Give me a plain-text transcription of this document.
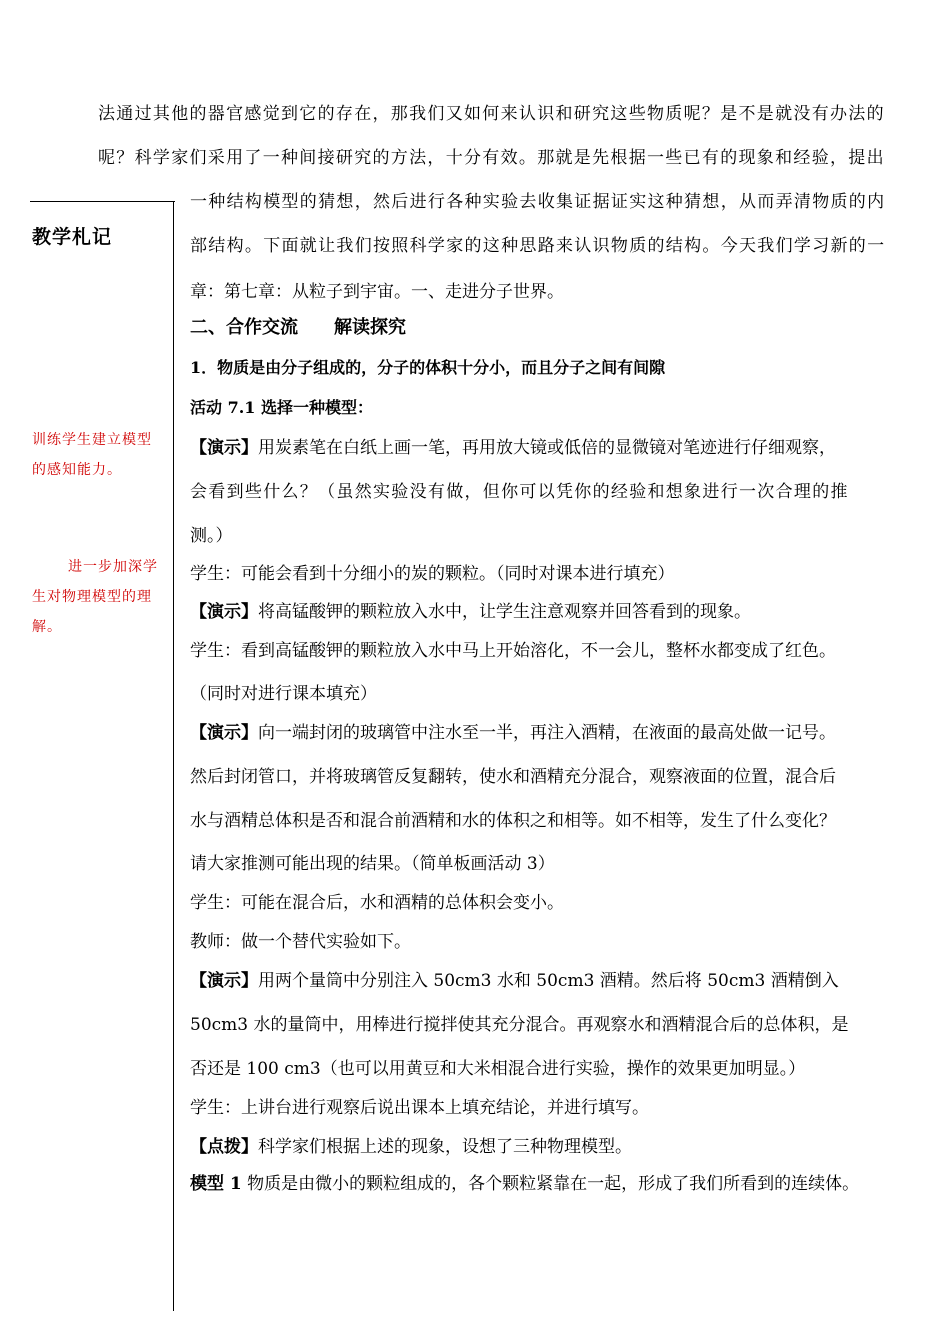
教学札记
训练学生建立模型
的感知能力。
进一步加深学
生对物理模型的理
解。
法通过其他的器官感觉到它的存在，那我们又如何来认识和研究这些物质呢？是不是就没有办法的
呢？科学家们采用了一种间接研究的方法，十分有效。那就是先根据一些已有的现象和经验，提出
一种结构模型的猜想，然后进行各种实验去收集证据证实这种猜想，从而弄清物质的内
部结构。下面就让我们按照科学家的这种思路来认识物质的结构。今天我们学习新的一
章：第七章：从粒子到宇宙。一、走进分子世界。
二、合作交流　　解读探究
1．物质是由分子组成的，分子的体积十分小，而且分子之间有间隙
活动 7.1 选择一种模型：
【演示】用炭素笔在白纸上画一笔，再用放大镜或低倍的显微镜对笔迹进行仔细观察，
会看到些什么？（虽然实验没有做，但你可以凭你的经验和想象进行一次合理的推
测。）
学生：可能会看到十分细小的炭的颗粒。（同时对课本进行填充）
【演示】将高锰酸钾的颗粒放入水中，让学生注意观察并回答看到的现象。
学生：看到高锰酸钾的颗粒放入水中马上开始溶化，不一会儿，整杯水都变成了红色。
（同时对进行课本填充）
【演示】向一端封闭的玻璃管中注水至一半，再注入酒精，在液面的最高处做一记号。
然后封闭管口，并将玻璃管反复翻转，使水和酒精充分混合，观察液面的位置，混合后
水与酒精总体积是否和混合前酒精和水的体积之和相等。如不相等，发生了什么变化？
请大家推测可能出现的结果。（简单板画活动 3）
学生：可能在混合后，水和酒精的总体积会变小。
教师：做一个替代实验如下。
【演示】用两个量筒中分别注入 50cm3 水和 50cm3 酒精。然后将 50cm3 酒精倒入
50cm3 水的量筒中，用棒进行搅拌使其充分混合。再观察水和酒精混合后的总体积，是
否还是 100 cm3（也可以用黄豆和大米相混合进行实验，操作的效果更加明显。）
学生：上讲台进行观察后说出课本上填充结论，并进行填写。
【点拨】科学家们根据上述的现象，设想了三种物理模型。
模型 1 物质是由微小的颗粒组成的，各个颗粒紧靠在一起，形成了我们所看到的连续体。
